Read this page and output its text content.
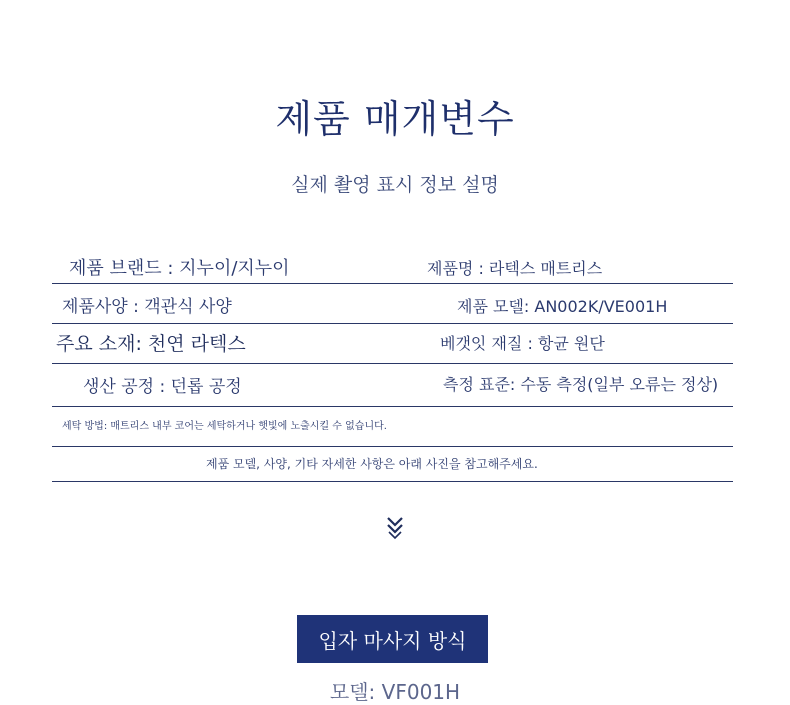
제품 매개변수
실제 촬영 표시 정보 설명
제품 브랜드 : 지누이/지누이	제품명 : 라텍스 매트리스
제품사양 : 객관식 사양	제품 모델: AN002K/VE001H
주요 소재: 천연 라텍스	베갯잇 재질 : 항균 원단
생산 공정 : 던롭 공정	측정 표준: 수동 측정(일부 오류는 정상)
세탁 방법: 매트리스 내부 코어는 세탁하거나 햇빛에 노출시킬 수 없습니다.
제품 모델, 사양, 기타 자세한 사항은 아래 사진을 참고해주세요.
입자 마사지 방식
모델: VF001H
